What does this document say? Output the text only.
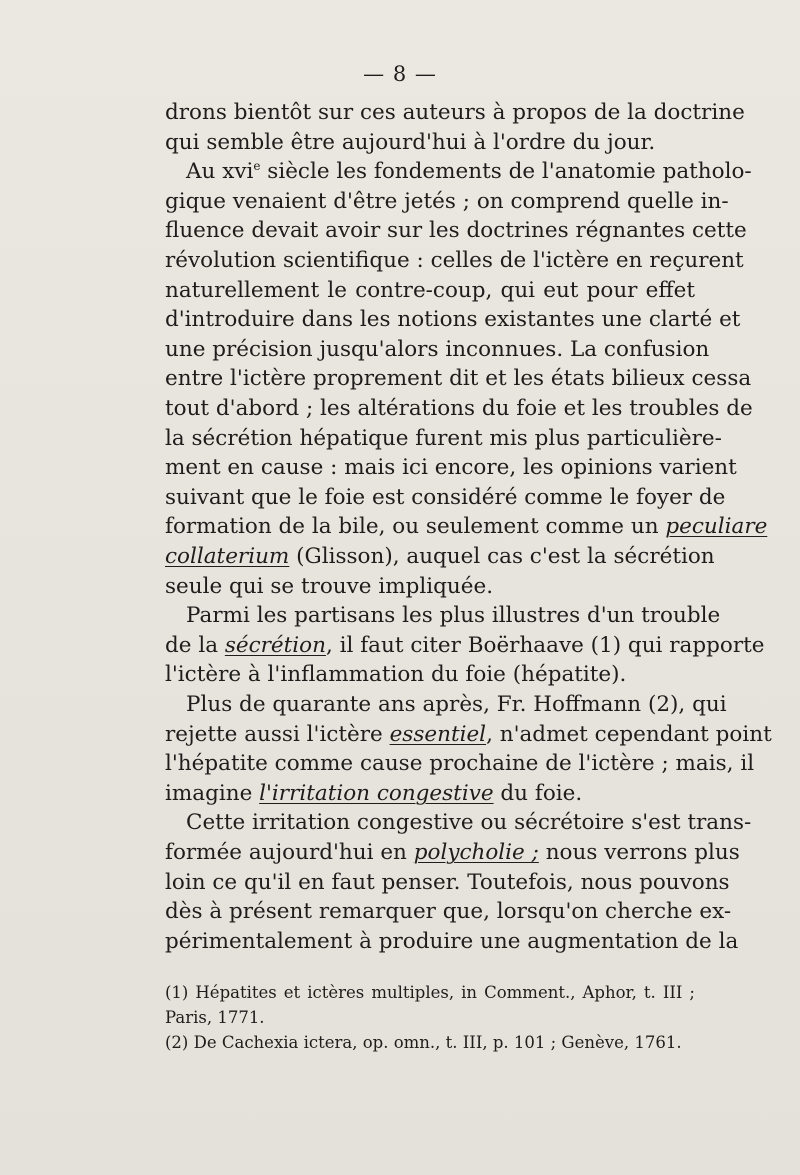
— 8 —
drons bientôt sur ces auteurs à propos de la doctrine
qui semble être aujourd'hui à l'ordre du jour.
Au xvi$^e$ siècle les fondements de l'anatomie patholo-
gique venaient d'être jetés ; on comprend quelle in-
fluence devait avoir sur les doctrines régnantes cette
révolution scientifique : celles de l'ictère en reçurent
naturellement le contre-coup, qui eut pour effet
d'introduire dans les notions existantes une clarté et
une précision jusqu'alors inconnues. La confusion
entre l'ictère proprement dit et les états bilieux cessa
tout d'abord ; les altérations du foie et les troubles de
la sécrétion hépatique furent mis plus particulière-
ment en cause : mais ici encore, les opinions varient
suivant que le foie est considéré comme le foyer de
formation de la bile, ou seulement comme un peculiare
collaterium (Glisson), auquel cas c'est la sécrétion
seule qui se trouve impliquée.
Parmi les partisans les plus illustres d'un trouble
de la sécrétion, il faut citer Boërhaave (1) qui rapporte
l'ictère à l'inflammation du foie (hépatite).
Plus de quarante ans après, Fr. Hoffmann (2), qui
rejette aussi l'ictère essentiel, n'admet cependant point
l'hépatite comme cause prochaine de l'ictère ; mais, il
imagine l'irritation congestive du foie.
Cette irritation congestive ou sécrétoire s'est trans-
formée aujourd'hui en polycholie ; nous verrons plus
loin ce qu'il en faut penser. Toutefois, nous pouvons
dès à présent remarquer que, lorsqu'on cherche ex-
périmentalement à produire une augmentation de la
(1) Hépatites et ictères multiples, in Comment., Aphor, t. III ;
Paris, 1771.
(2) De Cachexia ictera, op. omn., t. III, p. 101 ; Genève, 1761.
